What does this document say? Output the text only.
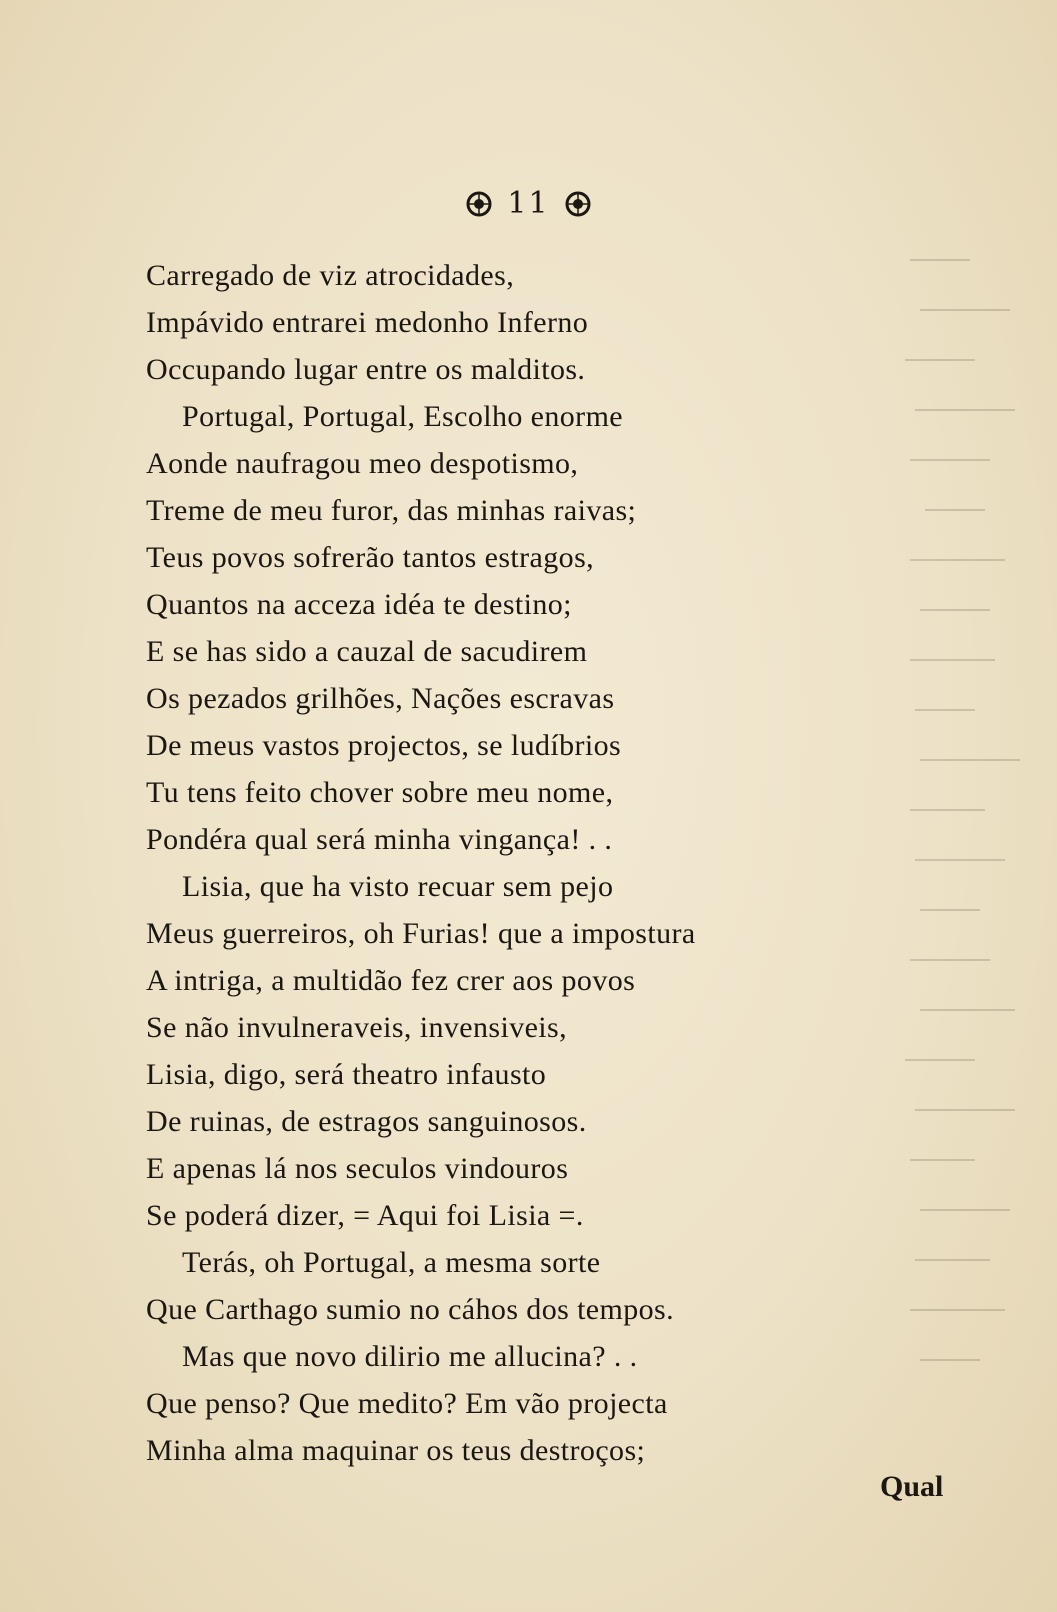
11
Carregado de viz atrocidades,
Impávido entrarei medonho Inferno
Occupando lugar entre os malditos.
Portugal, Portugal, Escolho enorme
Aonde naufragou meo despotismo,
Treme de meu furor, das minhas raivas;
Teus povos sofrerão tantos estragos,
Quantos na acceza idéa te destino;
E se has sido a cauzal de sacudirem
Os pezados grilhões, Nações escravas
De meus vastos projectos, se ludíbrios
Tu tens feito chover sobre meu nome,
Pondéra qual será minha vingança! . .
Lisia, que ha visto recuar sem pejo
Meus guerreiros, oh Furias! que a impostura
A intriga, a multidão fez crer aos povos
Se não invulneraveis, invensiveis,
Lisia, digo, será theatro infausto
De ruinas, de estragos sanguinosos.
E apenas lá nos seculos vindouros
Se poderá dizer, = Aqui foi Lisia =.
Terás, oh Portugal, a mesma sorte
Que Carthago sumio no cáhos dos tempos.
Mas que novo dilirio me allucina? . .
Que penso? Que medito? Em vão projecta
Minha alma maquinar os teus destroços;
Qual
